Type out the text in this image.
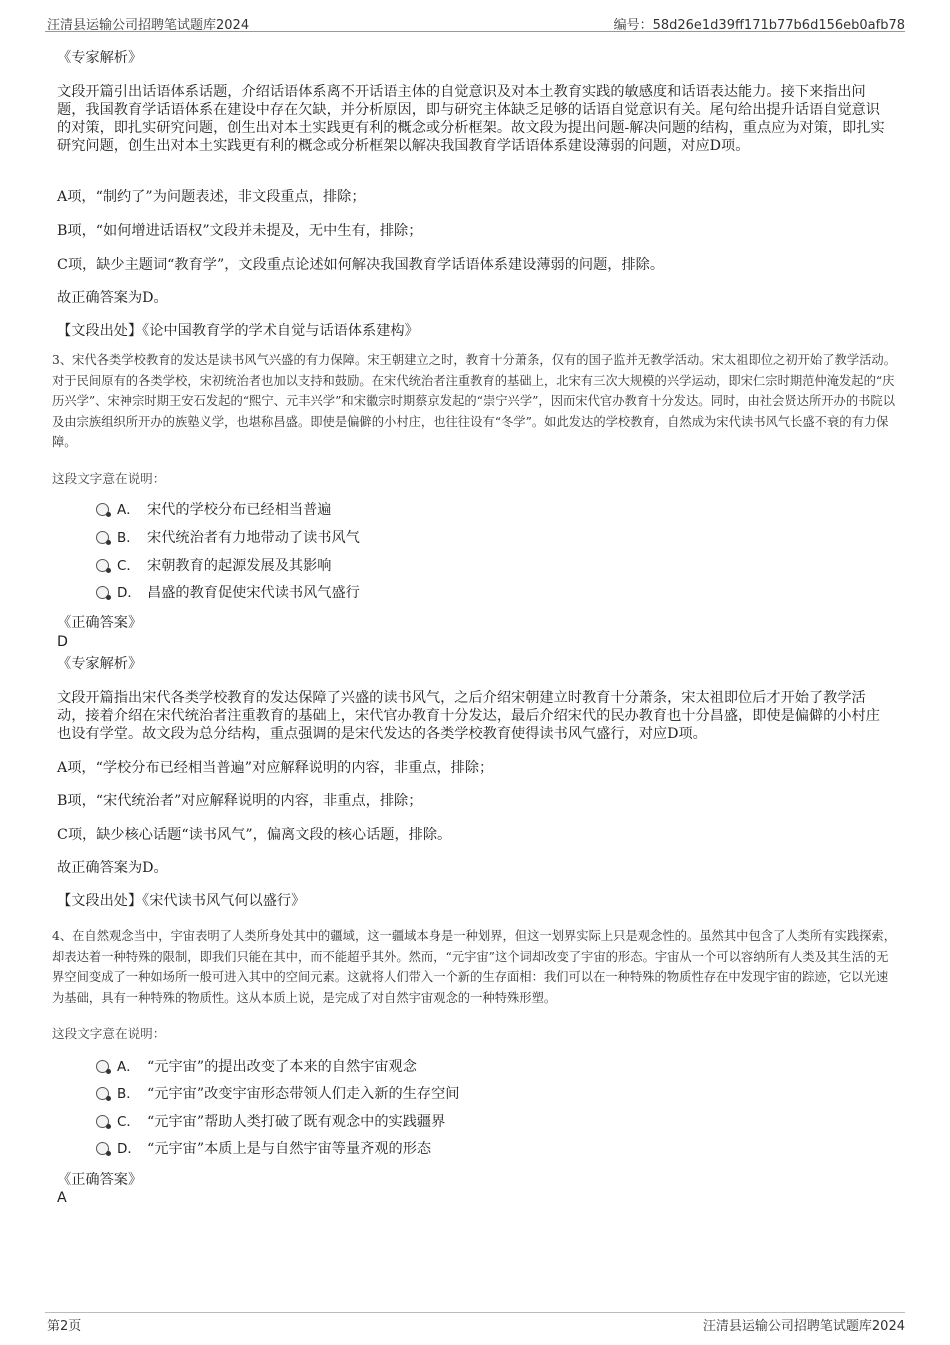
汪清县运输公司招聘笔试题库2024	编号：58d26e1d39ff171b77b6d156eb0afb78
《专家解析》
文段开篇引出话语体系话题，介绍话语体系离不开话语主体的自觉意识及对本土教育实践的敏感度和话语表达能力。接下来指出问题，我国教育学话语体系在建设中存在欠缺，并分析原因，即与研究主体缺乏足够的话语自觉意识有关。尾句给出提升话语自觉意识的对策，即扎实研究问题，创生出对本土实践更有利的概念或分析框架。故文段为提出问题-解决问题的结构，重点应为对策，即扎实研究问题，创生出对本土实践更有利的概念或分析框架以解决我国教育学话语体系建设薄弱的问题，对应D项。
A项，“制约了”为问题表述，非文段重点，排除；
B项，“如何增进话语权”文段并未提及，无中生有，排除；
C项，缺少主题词“教育学”，文段重点论述如何解决我国教育学话语体系建设薄弱的问题，排除。
故正确答案为D。
【文段出处】《论中国教育学的学术自觉与话语体系建构》
3、宋代各类学校教育的发达是读书风气兴盛的有力保障。宋王朝建立之时，教育十分萧条，仅有的国子监并无教学活动。宋太祖即位之初开始了教学活动。对于民间原有的各类学校，宋初统治者也加以支持和鼓励。在宋代统治者注重教育的基础上，北宋有三次大规模的兴学运动，即宋仁宗时期范仲淹发起的“庆历兴学”、宋神宗时期王安石发起的“熙宁、元丰兴学”和宋徽宗时期蔡京发起的“崇宁兴学”，因而宋代官办教育十分发达。同时，由社会贤达所开办的书院以及由宗族组织所开办的族塾义学，也堪称昌盛。即使是偏僻的小村庄，也往往设有“冬学”。如此发达的学校教育，自然成为宋代读书风气长盛不衰的有力保障。
这段文字意在说明：
A． 宋代的学校分布已经相当普遍
B． 宋代统治者有力地带动了读书风气
C． 宋朝教育的起源发展及其影响
D． 昌盛的教育促使宋代读书风气盛行
《正确答案》
D
《专家解析》
文段开篇指出宋代各类学校教育的发达保障了兴盛的读书风气，之后介绍宋朝建立时教育十分萧条，宋太祖即位后才开始了教学活动，接着介绍在宋代统治者注重教育的基础上，宋代官办教育十分发达，最后介绍宋代的民办教育也十分昌盛，即使是偏僻的小村庄也设有学堂。故文段为总分结构，重点强调的是宋代发达的各类学校教育使得读书风气盛行，对应D项。
A项，“学校分布已经相当普遍”对应解释说明的内容，非重点，排除；
B项，“宋代统治者”对应解释说明的内容，非重点，排除；
C项，缺少核心话题“读书风气”，偏离文段的核心话题，排除。
故正确答案为D。
【文段出处】《宋代读书风气何以盛行》
4、在自然观念当中，宇宙表明了人类所身处其中的疆域，这一疆域本身是一种划界，但这一划界实际上只是观念性的。虽然其中包含了人类所有实践探索，却表达着一种特殊的限制，即我们只能在其中，而不能超乎其外。然而，“元宇宙”这个词却改变了宇宙的形态。宇宙从一个可以容纳所有人类及其生活的无界空间变成了一种如场所一般可进入其中的空间元素。这就将人们带入一个新的生存面相：我们可以在一种特殊的物质性存在中发现宇宙的踪迹，它以光速为基础，具有一种特殊的物质性。这从本质上说，是完成了对自然宇宙观念的一种特殊形塑。
这段文字意在说明：
A． “元宇宙”的提出改变了本来的自然宇宙观念
B． “元宇宙”改变宇宙形态带领人们走入新的生存空间
C． “元宇宙”帮助人类打破了既有观念中的实践疆界
D． “元宇宙”本质上是与自然宇宙等量齐观的形态
《正确答案》
A
第2页	汪清县运输公司招聘笔试题库2024
